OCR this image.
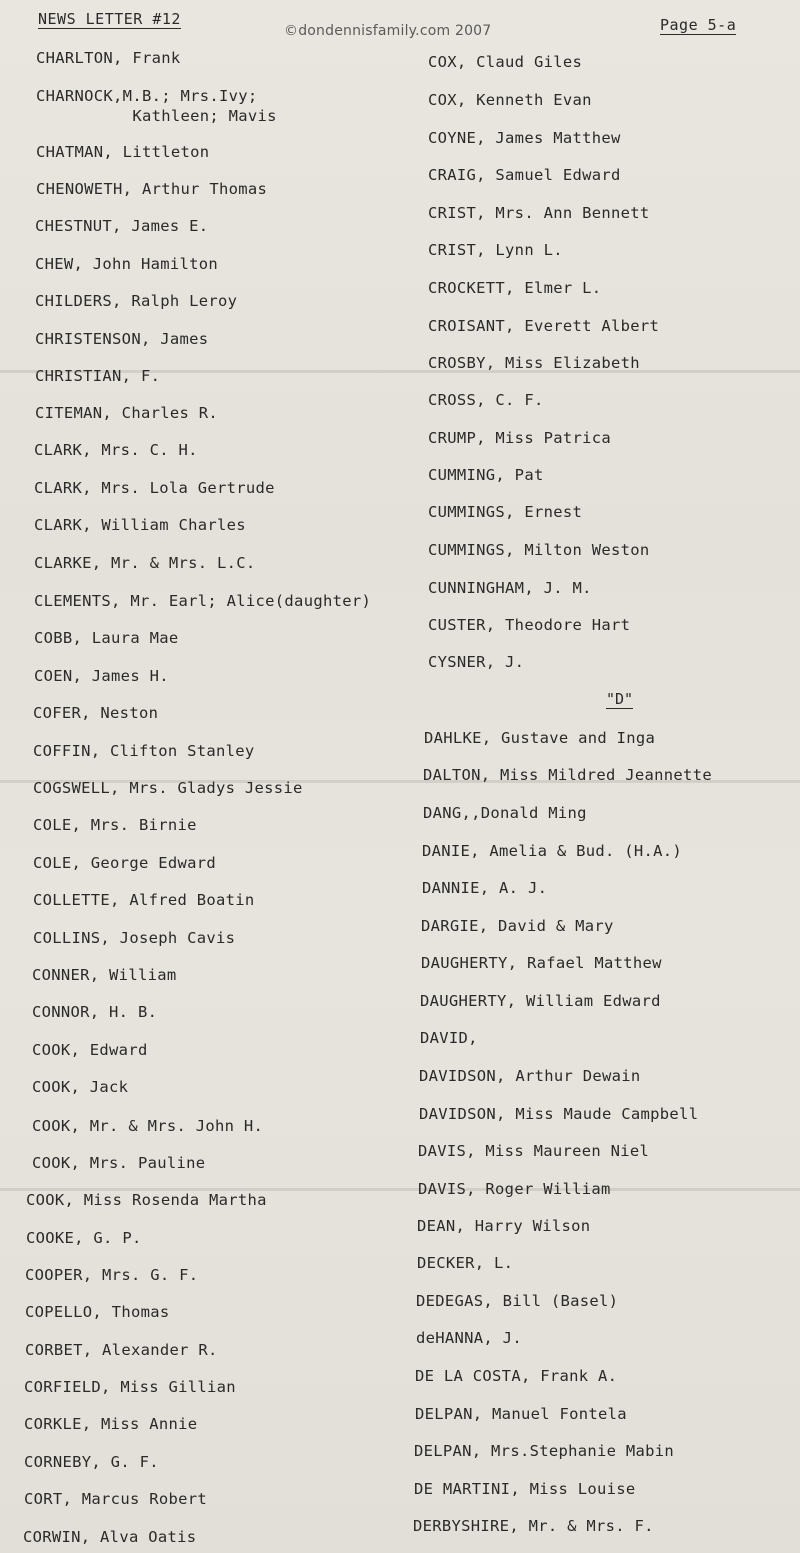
NEWS LETTER #12
©dondennisfamily.com 2007	Page 5-a
CHARLTON, Frank
CHARNOCK,M.B.; Mrs.Ivy;
Kathleen; Mavis
CHATMAN, Littleton
CHENOWETH, Arthur Thomas
CHESTNUT, James E.
CHEW, John Hamilton
CHILDERS, Ralph Leroy
CHRISTENSON, James
CHRISTIAN, F.
CITEMAN, Charles R.
CLARK, Mrs. C. H.
CLARK, Mrs. Lola Gertrude
CLARK, William Charles
CLARKE, Mr. & Mrs. L.C.
CLEMENTS, Mr. Earl; Alice(daughter)
COBB, Laura Mae
COEN, James H.
COFER, Neston
COFFIN, Clifton Stanley
COGSWELL, Mrs. Gladys Jessie
COLE, Mrs. Birnie
COLE, George Edward
COLLETTE, Alfred Boatin
COLLINS, Joseph Cavis
CONNER, William
CONNOR, H. B.
COOK, Edward
COOK, Jack
COOK, Mr. & Mrs. John H.
COOK, Mrs. Pauline
COOK, Miss Rosenda Martha
COOKE, G. P.
COOPER, Mrs. G. F.
COPELLO, Thomas
CORBET, Alexander R.
CORFIELD, Miss Gillian
CORKLE, Miss Annie
CORNEBY, G. F.
CORT, Marcus Robert
CORWIN, Alva Oatis
COX, Claud Giles
COX, Kenneth Evan
COYNE, James Matthew
CRAIG, Samuel Edward
CRIST, Mrs. Ann Bennett
CRIST, Lynn L.
CROCKETT, Elmer L.
CROISANT, Everett Albert
CROSBY, Miss Elizabeth
CROSS, C. F.
CRUMP, Miss Patrica
CUMMING, Pat
CUMMINGS, Ernest
CUMMINGS, Milton Weston
CUNNINGHAM, J. M.
CUSTER, Theodore Hart
CYSNER, J.
"D"
DAHLKE, Gustave and Inga
DALTON, Miss Mildred Jeannette
DANG,,Donald Ming
DANIE, Amelia & Bud. (H.A.)
DANNIE, A. J.
DARGIE, David & Mary
DAUGHERTY, Rafael Matthew
DAUGHERTY, William Edward
DAVID,
DAVIDSON, Arthur Dewain
DAVIDSON, Miss Maude Campbell
DAVIS, Miss Maureen Niel
DAVIS, Roger William
DEAN, Harry Wilson
DECKER, L.
DEDEGAS, Bill (Basel)
deHANNA, J.
DE LA COSTA, Frank A.
DELPAN, Manuel Fontela
DELPAN, Mrs.Stephanie Mabin
DE MARTINI, Miss Louise
DERBYSHIRE, Mr. & Mrs. F.
